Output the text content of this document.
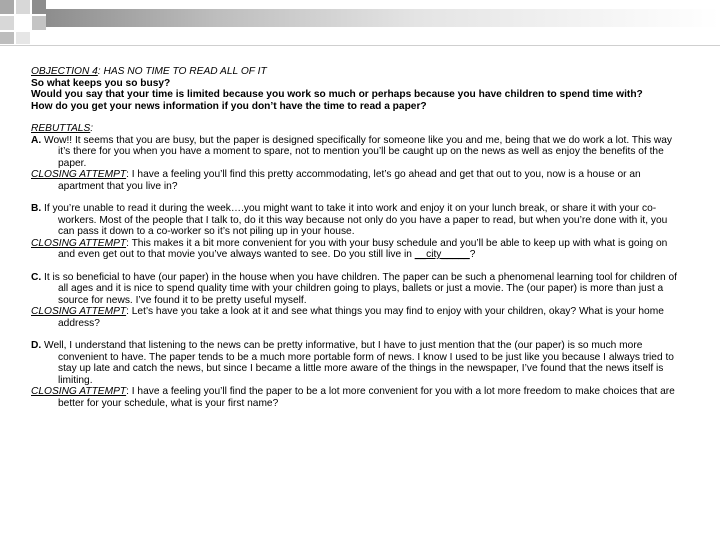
OBJECTION 4: HAS NO TIME TO READ ALL OF IT

So what keeps you so busy?

Would you say that your time is limited because you work so much or perhaps because you have children to spend time with?

How do you get your news information if you don’t have the time to read a paper?

REBUTTALS:

A. Wow!! It seems that you are busy, but the paper is designed specifically for someone like you and me, being that we do work a lot. This way it’s there for you when you have a moment to spare, not to mention you’ll be caught up on the news as well as enjoy the benefits of the paper.

CLOSING ATTEMPT: I have a feeling you’ll find this pretty accommodating, let’s go ahead and get that out to you, now is a house or an apartment that you live in?

B. If you’re unable to read it during the week….you might want to take it into work and enjoy it on your lunch break, or share it with your co-workers. Most of the people that I talk to, do it this way because not only do you have a paper to read, but when you’re done with it, you can pass it down to a co-worker so it’s not piling up in your house.

CLOSING ATTEMPT: This makes it a bit more convenient for you with your busy schedule and you’ll be able to keep up with what is going on and even get out to that movie you’ve always wanted to see. Do you still live in __city_____?

C. It is so beneficial to have (our paper) in the house when you have children. The paper can be such a phenomenal learning tool for children of all ages and it is nice to spend quality time with your children going to plays, ballets or just a movie. The (our paper) is more than just a source for news. I’ve found it to be pretty useful myself.

CLOSING ATTEMPT: Let’s have you take a look at it and see what things you may find to enjoy with your children, okay? What is your home address?

D. Well, I understand that listening to the news can be pretty informative, but I have to just mention that the (our paper) is so much more convenient to have. The paper tends to be a much more portable form of news. I know I used to be just like you because I always tried to stay up late and catch the news, but since I became a little more aware of the things in the newspaper, I’ve found that the news itself is limiting.

CLOSING ATTEMPT: I have a feeling you’ll find the paper to be a lot more convenient for you with a lot more freedom to make choices that are better for your schedule, what is your first name?
